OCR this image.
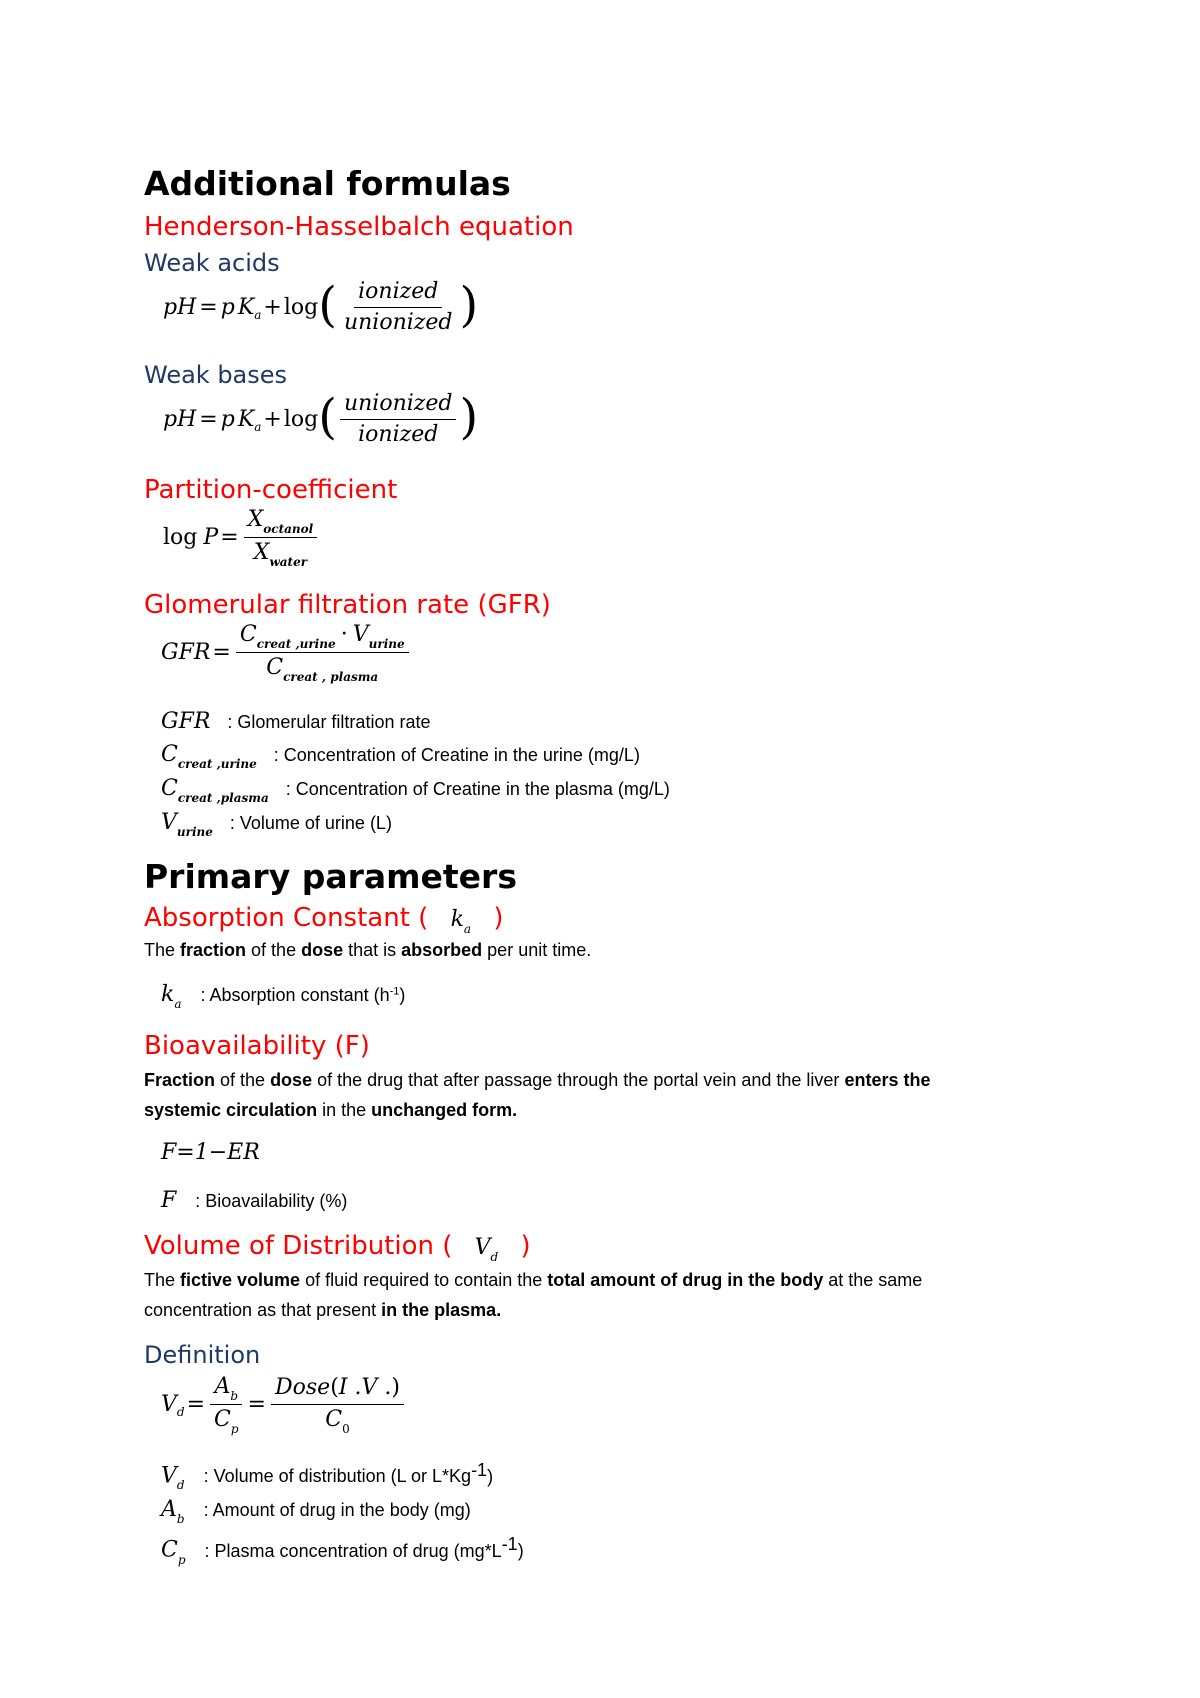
Additional formulas
Henderson-Hasselbalch equation
Weak acids
pH = p K a + log ( $\frac{\text{ionized}}{\text{unionized}}$ )
Weak bases
pH = p K a + log ( $\frac{\text{unionized}}{\text{ionized}}$ )
Partition-coefficient
$\log P = \frac{X_{octanol}}{X_{water}}$
Glomerular filtration rate (GFR)
GFR = $\frac{C_{creat ,urine} \cdot V_{urine}}{C_{creat , plasma}}$
GFR : Glomerular filtration rate
$C_{creat ,urine}$ : Concentration of Creatine in the urine (mg/L)
$C_{creat ,plasma}$ : Concentration of Creatine in the plasma (mg/L)
$V_{urine}$ : Volume of urine (L)
Primary parameters
Absorption Constant ( $k_a$ )
The fraction of the dose that is absorbed per unit time.
$k_a$ : Absorption constant $(h^{-1})$
Bioavailability (F)
Fraction of the dose of the drug that after passage through the portal vein and the liver enters the
systemic circulation in the unchanged form.
F=1−ER
F : Bioavailability (%)
Volume of Distribution ( $V_d$ )
The fictive volume of fluid required to contain the total amount of drug in the body at the same
concentration as that present in the plasma.
Definition
V $d = \frac{A_b}{C_p} = \frac{\text{Dose(I .V .)}}{C_0}$
$V_d$ : Volume of distribution (L or $L*Kg^{-1}$)
$A_b$ : Amount of drug in the body (mg)
$C_p$ : Plasma concentration of drug $(mg*L^{-1})$
